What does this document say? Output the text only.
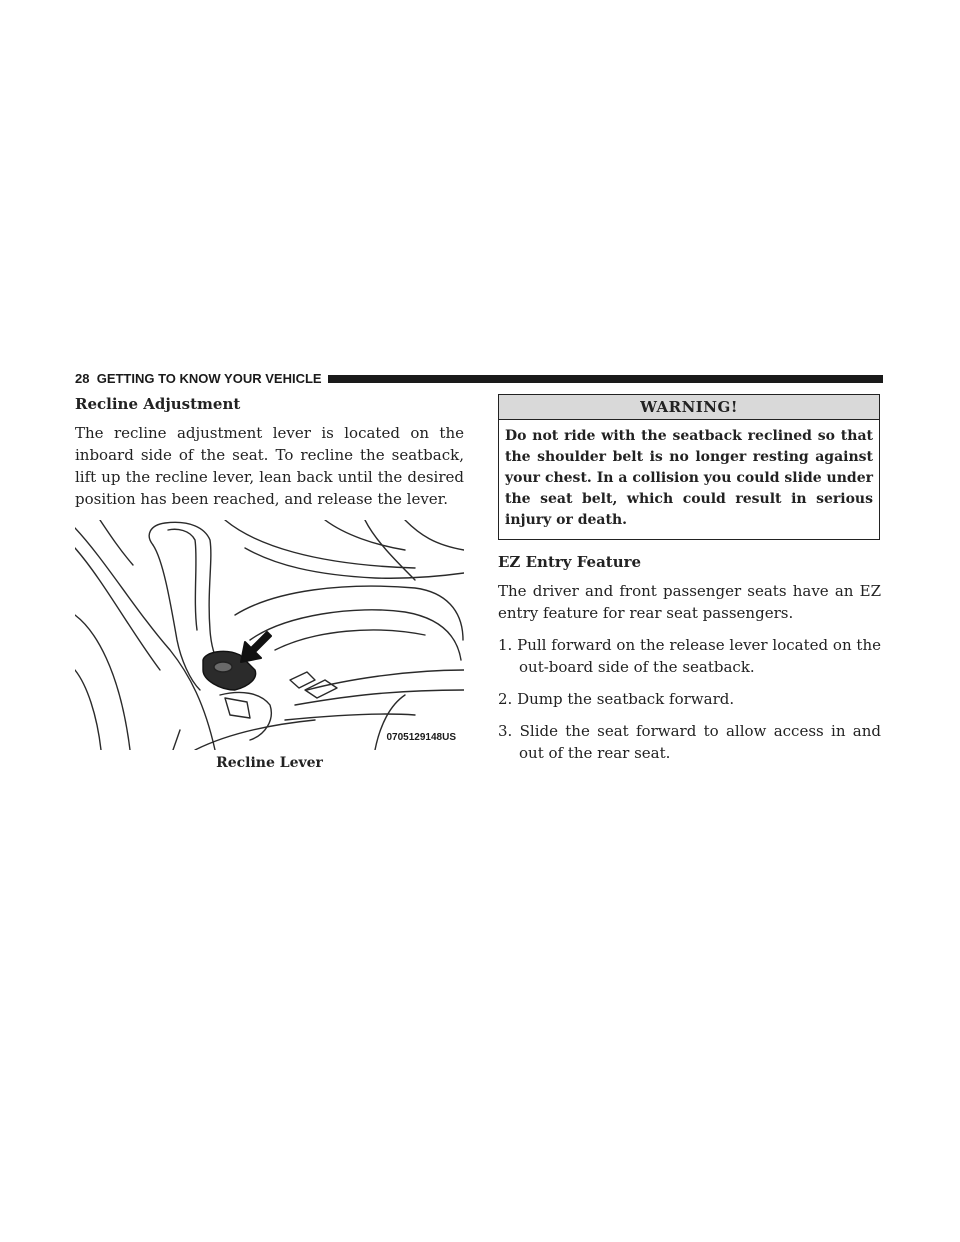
28 GETTING TO KNOW YOUR VEHICLE
Recline Adjustment

The recline adjustment lever is located on the inboard side of the seat. To recline the seatback, lift up the recline lever, lean back until the desired position has been reached, and release the lever.

0705129148US
Recline Lever
WARNING!
Do not ride with the seatback reclined so that the shoulder belt is no longer resting against your chest. In a collision you could slide under the seat belt, which could result in serious injury or death.
EZ Entry Feature

The driver and front passenger seats have an EZ entry feature for rear seat passengers.

1. Pull forward on the release lever located on the out-board side of the seatback.
2. Dump the seatback forward.
3. Slide the seat forward to allow access in and out of the rear seat.
